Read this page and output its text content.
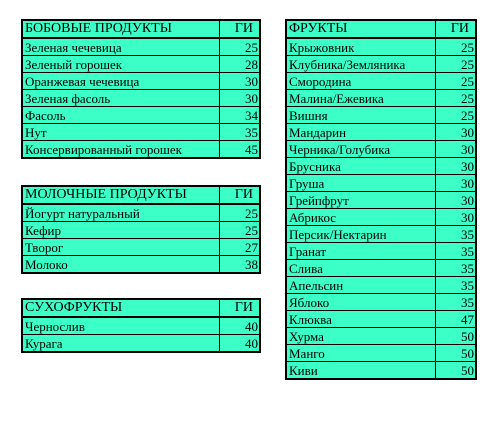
БОБОВЫЕ ПРОДУКТЫ	ГИ
Зеленая чечевица	25
Зеленый горошек	28
Оранжевая чечевица	30
Зеленая фасоль	30
Фасоль	34
Нут	35
Консервированный горошек	45
МОЛОЧНЫЕ ПРОДУКТЫ	ГИ
Йогурт натуральный	25
Кефир	25
Творог	27
Молоко	38
СУХОФРУКТЫ	ГИ
Чернослив	40
Курага	40
ФРУКТЫ	ГИ
Крыжовник	25
Клубника/Земляника	25
Смородина	25
Малина/Ежевика	25
Вишня	25
Мандарин	30
Черника/Голубика	30
Брусника	30
Груша	30
Грейпфрут	30
Абрикос	30
Персик/Нектарин	35
Гранат	35
Слива	35
Апельсин	35
Яблоко	35
Клюква	47
Хурма	50
Манго	50
Киви	50
